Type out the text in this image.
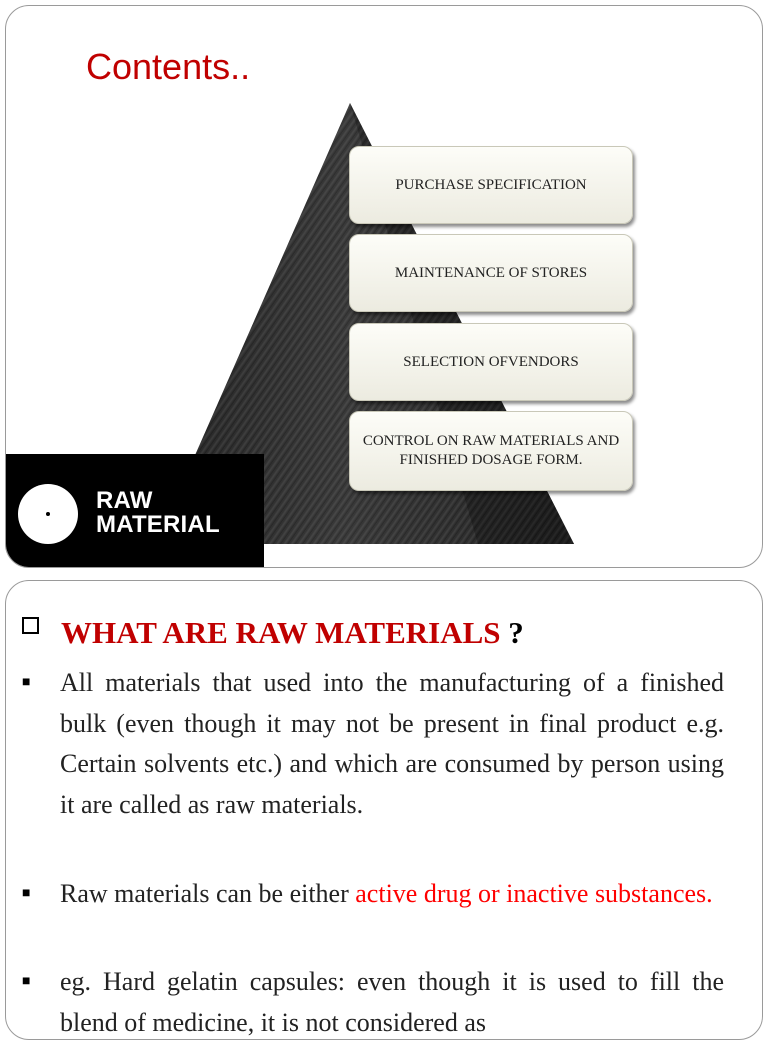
Contents..
PURCHASE SPECIFICATION
MAINTENANCE OF STORES
SELECTION OFVENDORS
CONTROL ON RAW MATERIALS AND FINISHED DOSAGE FORM.
RAW
MATERIAL
WHAT ARE RAW MATERIALS ?
■ All materials that used into the manufacturing of a finished bulk (even though it may not be present in final product e.g. Certain solvents etc.) and which are consumed by person using it are called as raw materials.
■ Raw materials can be either active drug or inactive substances.
■ eg. Hard gelatin capsules: even though it is used to fill the blend of medicine, it is not considered as
